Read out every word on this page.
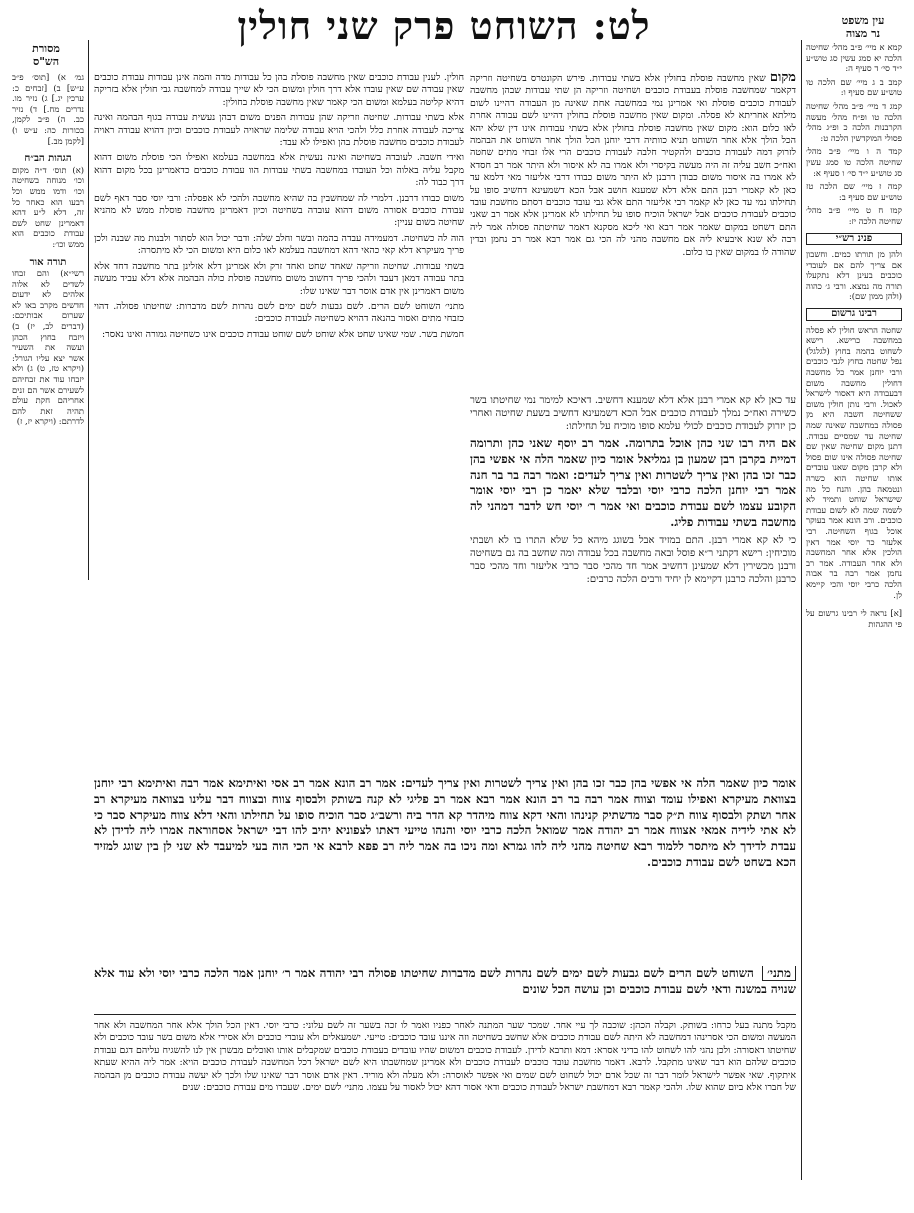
עין משפט
נר מצוה
לט: השוחט פרק שני חולין
מסורת
הש"ס

קמא א מיי׳ פ״ב מהל׳ שחיטה הלכה יא סמג עשין סג טוש״ע י״ד סי׳ ד סעיף ה:

קמב ב ג מיי׳ שם הלכה טו טוש״ע שם סעיף ו:

קמג ד מיי׳ פ״ב מהל׳ שחיטה הלכה טו ופ״ח מהל׳ מעשה הקרבנות הלכה כ ופ״ג מהל׳ פסולי המוקדשין הלכה ט:

קמד ה ו מיי׳ פ״ב מהל׳ שחיטה הלכה טו סמג עשין סג טוש״ע י״ד סי׳ ו סעיף א:

קמה ז מיי׳ שם הלכה טז טוש״ע שם סעיף ב:

קמו ח ט מיי׳ פ״ב מהל׳ שחיטה הלכה יז:

פנינ רש״י

ולהן מן תורתו כמים. וחשבון אם צריך להם אם לעובדי כוכבים בעינן דלא נתקעלו תורה מה נמצא. ורבי ג׳ כהוה (ולהן ממון שם):

רבינו גרשום

שחטה הראש חולין לא פסלה במחשבה כרישא. רישא לשחוט בהמה בחוץ (לגלגל) נפל שחטה בחוץ לגבי כוכבים ורבי יוחנן אמר כל מחשבה דחולין מחשבה משום דבעבודה היא דאסור לישראל לאכול. ורבי נותן חולין משום ששחיטה חשבה היא מן פסולה במחשבה שאינה שמה שחיטה עד שמסיים עבודה. דתנן מקום שחיטה שאין שם שחיטה פסולה אינו שום פסול ולא קרבן מקום שאנו עובדים אותו שחיטה הוא כשרה ונטמאה בהן. והנח כל מה שישראל שוחט ותמיד לא לשמה שמה לא לשום עבודת כוכבים. ורב הונא אמר בעוקר אוכל בגוף השחיטה. רבי אלעזר כר יוסי אמר דאין הולכין אלא אחר המחשבה ולא אחר העבודה. אמר רב נחמן אמר רבה בר אבוה הלכה כרבי יוסי והכי קיימא לן.

[א] נראה לי רבינו גרשום על פי ההגהות

גמ׳ א) [תוס׳ פ״ב ע״ש] ב) [זבחים כ: ערכין יג.] ג) נזיר מו. נדרים מח.] ד) נזיר כב. ה) פ״ב לקמן, בכורות כה: ע״ש ו) [לקמן מב.]

הגהות הב״ח

(א) תוס׳ ד״ה מקום וכו׳ מנוחה בשחיטה וכו׳ ודמו ממש וכל רבעו הוא כאחר כל זה, דלא ל״ע דהא דאמרינן שחט לשם עבודת כוכבים הוא ממש וכו׳:

תורה אור

רשי״א) והם זבחו לשדים לא אלוה אלהים לא ידעום חדשים מקרב באו לא שערום אבותיכם: (דברים לב, יז) ב) ויזבח בחוץ הכהן ועשה את השעיר אשר יצא עליו הגורל: (ויקרא טז, ט) ג) ולא יזבחו עוד את זבחיהם לשעירם אשר הם זנים אחריהם חקת עולם תהיה זאת להם לדרתם: (ויקרא יז, ז)

מקום שאין מחשבה פוסלת בחולין אלא בשתי עבודות. פירש הקונטרס בשחיטה וזריקה דקאמר שמחשבה פוסלת בעבודת כוכבים ושחיטה וזריקה הן שתי עבודות שבהן מחשבה לעבודת כוכבים פוסלת ואי אמרינן נמי במחשבה אחת שאינה מן העבודה דהיינו לשום מילתא אחריתא לא פסלה. ומקום שאין מחשבה פוסלת בחולין דהיינו לשם עבודה אחרת לאו כלום הוא: מקום שאין מחשבה פוסלת בחולין אלא בשתי עבודות אינו דין שלא יהא הכל הולך אלא אחר השוחט תניא כוותיה דרבי יוחנן הכל הולך אחר השוחט את הבהמה לזרוק דמה לעבודת כוכבים ולהקטיר חלבה לעבודת כוכבים הרי אלו זבחי מתים שחטה ואח״כ חשב עליה זה היה מעשה בקיסרי ולא אמרו בה לא איסור ולא היתר אמר רב חסדא לא אמרו בה איסור משום כבודן דרבנן לא היתר משום כבודו דרבי אליעזר מאי דלמא עד כאן לא קאמרי רבנן התם אלא דלא שמענא חושב אבל הכא דשמעינא דחשיב סופו על תחילתו נמי עד כאן לא קאמר רבי אליעזר התם אלא גבי עובד כוכבים דסתם מחשבת עובד כוכבים לעבודת כוכבים אבל ישראל הוכיח סופו על תחילתו לא אמרינן אלא אמר רב שאני התם דשחט במקום שאמר אמר רבא ואי ליכא מסקנא דאמר שחיטתה פסולה אמר ליה רבה לא שנא איבעיא ליה אם מחשבה מהני לה הכי גם אמר רבא אמר רב נחמן ובדין שהודה לו במקום שאין בו כלום.

עד כאן לא קא אמרי רבנן אלא דלא שמענא דחשיב. דאיכא למימר נמי שחיטתו בשר כשירה ואח״כ נמלך לעבודת כוכבים אבל הכא דשמעינא דחשיב בשעת שחיטה ואחרי כן יזרוק לעבודת כוכבים לכולי עלמא סופו מוכיח על תחילתו:

אם היה רבו שני כהן אוכל בתרומה. אמר רב יוסף שאני כהן ותרומה דמיית בקרבן רבן שמעון בן גמליאל אומר כיון שאמר הלה אי אפשי בהן כבר זכו בהן ואין צריך לשטרות ואין צריך לעדים: ואמר רבה בר בר חנה אמר רבי יוחנן הלכה כרבי יוסי ובלבד שלא יאמר כן רבי יוסי אומר הקובע עצמו לשם עבודת כוכבים ואי אמר ר׳ יוסי חש לדבר דמהני לה מחשבה בשתי עבודות פליג.

כי לא קא אמרי רבנן. התם במזיד אבל בשוגג מיהא כל שלא התרו בו לא ושבתי מוכיחין: רישא דקתני ר״א פוסל ובאה מחשבה בכל עבודה ומה שחשב בה גם בשחיטה ורבנן מכשירין דלא שמעינן דחשיב אמר חד מהכי סבר כרבי אליעזר וחד מהכי סבר כרבנן והלכה כרבנן דקיימא לן יחיד ורבים הלכה כרבים:

חולין. לענין עבודת כוכבים שאין מחשבה פוסלת בהן כל עבודות מדה והמה אינן עבודות עבודת כוכבים שאין עבודה שם שאין עובדו אלא דרך חולין ומשום הכי לא שייך עבודה למחשבה גבי חולין אלא בזריקה דהיא קליטה בעלמא ומשום הכי קאמר שאין מחשבה פוסלת בחולין:

אלא בשתי עבודות. שחיטה וזריקה שהן עבודות הפנים משום דבהן נעשית עבודה בגוף הבהמה ואינה צריכה לעבודה אחרת כלל ולהכי הויא עבודה שלימה שראויה לעבודת כוכבים וכיון דהויא עבודה ראויה לעבודת כוכבים מחשבה פוסלת בהן ואפילו לא עבד:

ואידי חשבה. לעובדה בשחיטה ואינה נעשית אלא במחשבה בעלמא ואפילו הכי פוסלת משום דהוא מקבל עליה באלוה וכל העובדו במחשבה בשתי עבודות הוו עבודת כוכבים כדאמרינן בכל מקום דהוא דרך כבוד לה:

משום כבודו דרבנן. דלמרי לה שמחשבין בה שהיא מחשבה ולהכי לא אפסלה: ורבי יוסי סבר דאף לשם עבודת כוכבים אסורה משום דהוא עובדה בשחיטה וכיון דאמרינן מחשבה פוסלת ממש לא מהניא שחיטה בשום עניין:

הוה לה כשחיטה. דמעמידה עבדה בהמה ובשר וחלב שלה: ודבר יכול הוא לסתור ולבנות מה שבנה ולכן פריך מעיקרא דלא קאי כהאי דהא דמחשבה בעלמא לאו כלום היא ומשום הכי לא מיתסרה:

בשתי עבודות. שחיטה וזריקה שאחד שחט ואחד זרק ולא אמרינן דלא אזלינן בתר מחשבה דחד אלא בתר עבודה דמאן דעבד ולהכי פריך דחשוב משום מחשבה פוסלת כולה הבהמה אלא דלא עביד מעשה משום דאמרינן אין אדם אוסר דבר שאינו שלו:

מתני׳ השוחט לשם הרים. לשם גבעות לשם ימים לשם נהרות לשם מדברות: שחיטתו פסולה. דהוי כזבחי מתים ואסור בהנאה דהויא כשחיטה לעבודת כוכבים:

חמשת בשר. שמי שאינו שחט אלא שוחט לשם שוחט עבודת כוכבים אינו כשחיטה גמורה ואינו נאסר:

אומר כיון שאמר הלה אי אפשי בהן כבר זכו בהן ואין צריך לשטרות ואין צריך לעדים: אמר רב הונא אמר רב אסי ואיתימא אמר רבה ואיתימא רבי יוחנן בצוואת מעיקרא ואפילו עומד וצווח אמר רבה בר רב הונא אמר רבא אמר רב פליגי לא קנה בשותק ולבסוף צווח ובצווח דבר עלינו בצוואה מעיקרא רב אחר ושתק ולבסוף צווח ת״ק סבר מדשתיק קנינהו והאי דקא צווח מיהדר קא הדר ביה ורשב״ג סבר הוכיח סופו על תחילתו והאי דלא צווח מעיקרא סבר כי לא אתי לידיה אמאי אצווח אמר רב יהודה אמר שמואל הלכה כרבי יוסי והנהו טייעי דאתו לצפוניא יהיב להו דבי ישראל אסחוראה אמרו ליה לדידן לא עבדת לדידך לא מיתסר ללמוד רבא שחיטה מהני ליה להו גמרא ומה ניכו בה אמר ליה רב פפא לרבא אי הכי הוה בעי למיעבד לא שני לן בין שוגג למזיד הכא בשחט לשם עבודת כוכבים.
מתני׳ השוחט לשם הרים לשם גבעות לשם ימים לשם נהרות לשם מדברות שחיטתו פסולה רבי יהודה אמר ר׳ יוחנן אמר הלכה כרבי יוסי ולא עוד אלא שנויה במשנה ודאי לשם עבודת כוכבים וכן עושה הכל שונים
מקבל מתנה בעל כרחו: בשותק. וקבלה הכהן: שוכבה לך עיי אחד. שמכר שער המתנה לאחר כפניו ואמר לו זכה בשער זה לשם עלוני: כרבי יוסי. דאין הכל הולך אלא אחר המחשבה ולא אחר המעשה ומשום הכי אסרינהו דמחשבה לא היתה לשם עבודת כוכבים אלא שחשב בשחיטה וזה איננו עובד כוכבים: טייעי. ישמעאלים ולא עובדי כוכבים ולא אסירי אלא משום בשר עובד כוכבים ולא שחיטתו דאסורה: ולכן נהגי להו לשחוט להו בדיני אסרא: דמא ותרבא לדידן. לעבודת כוכבים דמשום שהיו עובדים בעבודת כוכבים שמקבלים אותו ואוכלים מבשרן אין לנו להשגיח עליהם דגם עבודת כוכבים שלהם הוא דבר שאינו מתקבל. לרבא. דאמר מחשבת עובד כוכבים לעבודת כוכבים ולא אמרינן שמחשבתו היא לשם ישראל דכל המחשבה לעבודת כוכבים הויא: אמר ליה ההיא שעתא איתקוף. שאי אפשר לישראל לומר דבר זה שכל אדם יכול לשחוט לשם שמים ואי אפשר לאוסרה: ולא מעלה ולא מוריד. דאין אדם אוסר דבר שאינו שלו ולכך לא יעשה עבודת כוכבים מן הבהמה של חברו אלא ביום שהוא שלו. ולהכי קאמר רבא דמחשבת ישראל לעבודת כוכבים ודאי אסור דהא יכול לאסור על עצמו. מתני׳ לשם ימים. שעבדו מים עבודת כוכבים: שנים
